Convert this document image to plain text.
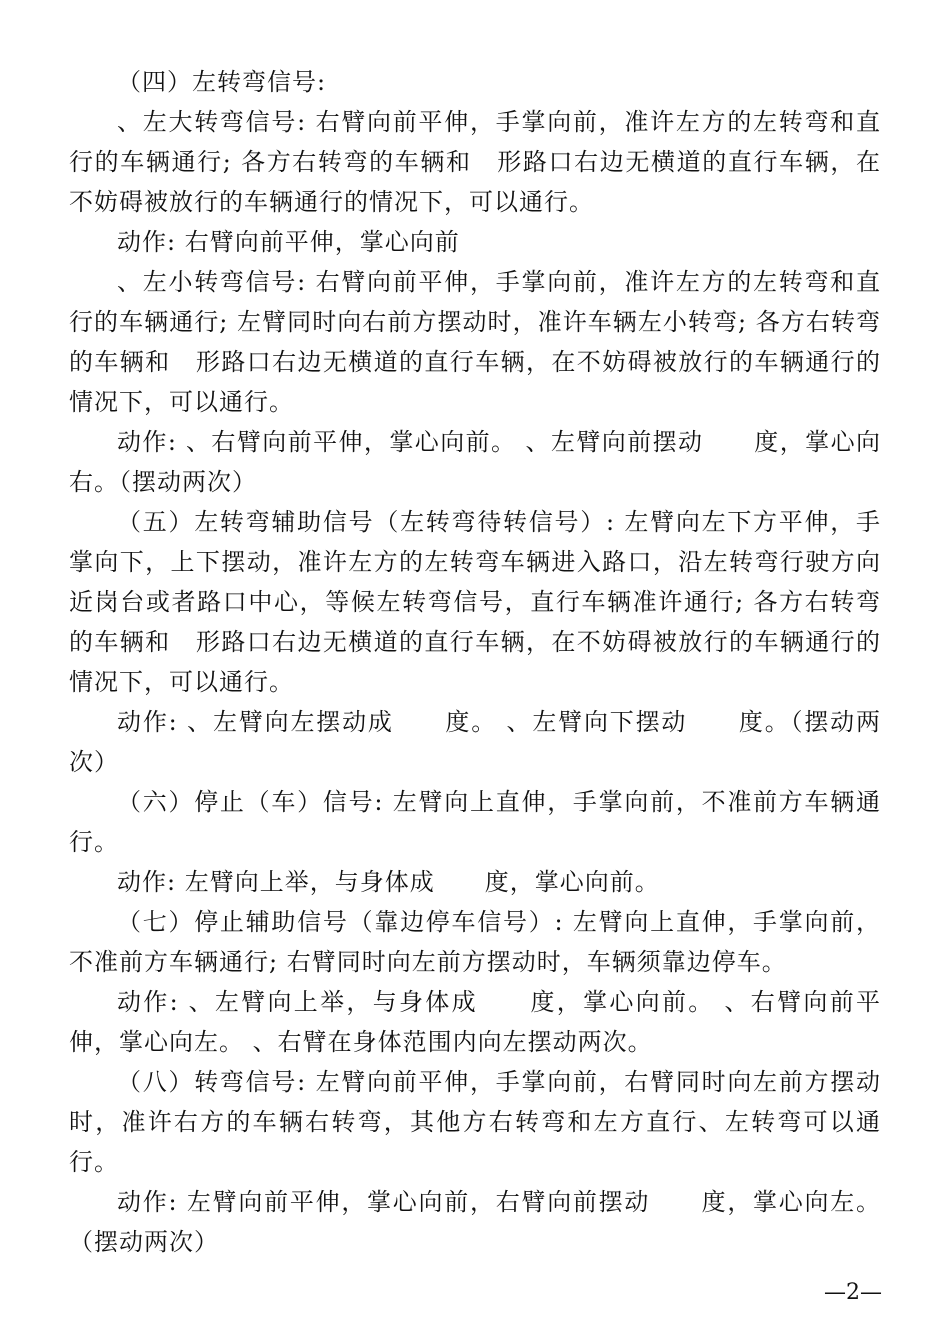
（四）左转弯信号:

、左大转弯信号: 右臂向前平伸，手掌向前，准许左方的左转弯和直行的车辆通行; 各方右转弯的车辆和　形路口右边无横道的直行车辆，在不妨碍被放行的车辆通行的情况下，可以通行。

动作: 右臂向前平伸，掌心向前

、左小转弯信号: 右臂向前平伸，手掌向前，准许左方的左转弯和直行的车辆通行; 左臂同时向右前方摆动时，准许车辆左小转弯; 各方右转弯的车辆和　形路口右边无横道的直行车辆，在不妨碍被放行的车辆通行的情况下，可以通行。

动作: 、右臂向前平伸，掌心向前。 、左臂向前摆动　　度，掌心向右。（摆动两次）

（五）左转弯辅助信号（左转弯待转信号）: 左臂向左下方平伸，手掌向下，上下摆动，准许左方的左转弯车辆进入路口，沿左转弯行驶方向 近岗台或者路口中心，等候左转弯信号，直行车辆准许通行; 各方右转弯的车辆和　形路口右边无横道的直行车辆，在不妨碍被放行的车辆通行的情况下，可以通行。

动作: 、左臂向左摆动成　　度。 、左臂向下摆动　　度。（摆动两次）

（六）停止（车）信号: 左臂向上直伸，手掌向前，不准前方车辆通行。

动作: 左臂向上举，与身体成　　度，掌心向前。

（七）停止辅助信号（靠边停车信号）: 左臂向上直伸，手掌向前，不准前方车辆通行; 右臂同时向左前方摆动时，车辆须靠边停车。

动作: 、左臂向上举，与身体成　　度，掌心向前。 、右臂向前平伸，掌心向左。 、右臂在身体范围内向左摆动两次。

（八）转弯信号: 左臂向前平伸，手掌向前，右臂同时向左前方摆动时，准许右方的车辆右转弯，其他方右转弯和左方直行、左转弯可以通行。

动作: 左臂向前平伸，掌心向前，右臂向前摆动　　度，掌心向左。（摆动两次）

—2—
